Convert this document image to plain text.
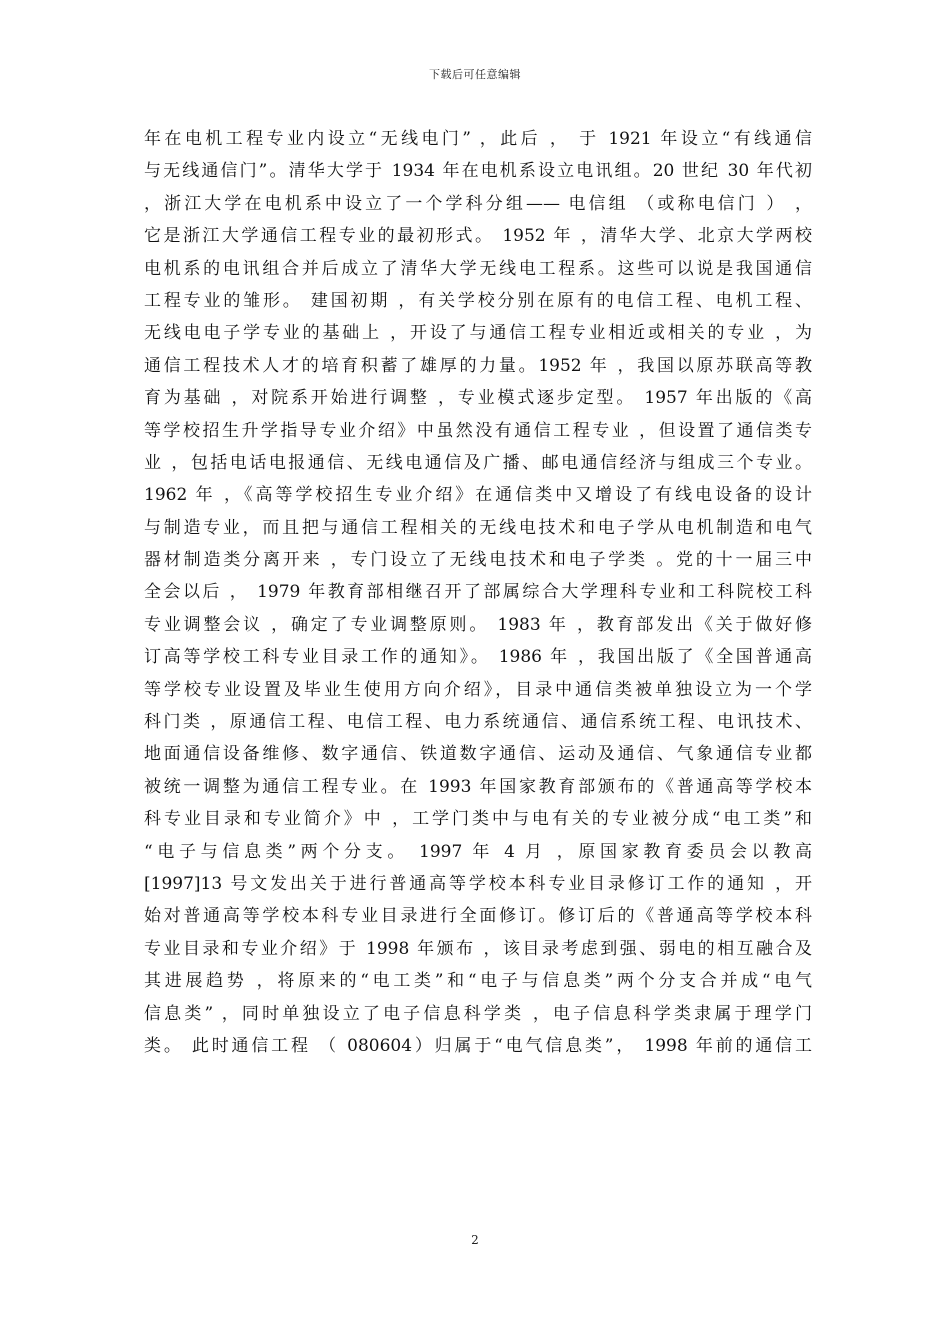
下载后可任意编辑
年在电机工程专业内设立“无线电门” ，此后 ， 于 1921 年设立“有线通信
与无线通信门”。清华大学于 1934 年在电机系设立电讯组。20 世纪 30 年代初
，浙江大学在电机系中设立了一个学科分组—— 电信组 （或称电信门 ） ，
它是浙江大学通信工程专业的最初形式。 1952 年 ，清华大学、北京大学两校
电机系的电讯组合并后成立了清华大学无线电工程系。这些可以说是我国通信
工程专业的雏形。 建国初期 ，有关学校分别在原有的电信工程、电机工程、
无线电电子学专业的基础上 ，开设了与通信工程专业相近或相关的专业 ，为
通信工程技术人才的培育积蓄了雄厚的力量。1952 年 ，我国以原苏联高等教
育为基础 ，对院系开始进行调整 ，专业模式逐步定型。 1957 年出版的《高
等学校招生升学指导专业介绍》中虽然没有通信工程专业 ，但设置了通信类专
业 ，包括电话电报通信、无线电通信及广播、邮电通信经济与组成三个专业。
1962 年 ，《高等学校招生专业介绍》在通信类中又增设了有线电设备的设计
与制造专业，而且把与通信工程相关的无线电技术和电子学从电机制造和电气
器材制造类分离开来 ，专门设立了无线电技术和电子学类 。党的十一届三中
全会以后 ， 1979 年教育部相继召开了部属综合大学理科专业和工科院校工科
专业调整会议 ，确定了专业调整原则。 1983 年 ，教育部发出《关于做好修
订高等学校工科专业目录工作的通知》。 1986 年 ，我国出版了《全国普通高
等学校专业设置及毕业生使用方向介绍》，目录中通信类被单独设立为一个学
科门类 ，原通信工程、电信工程、电力系统通信、通信系统工程、电讯技术、
地面通信设备维修、数字通信、铁道数字通信、运动及通信、气象通信专业都
被统一调整为通信工程专业。在 1993 年国家教育部颁布的《普通高等学校本
科专业目录和专业简介》中 ，工学门类中与电有关的专业被分成“电工类”和
“电子与信息类”两个分支。 1997 年 4 月 ，原国家教育委员会以教高
[1997]13 号文发出关于进行普通高等学校本科专业目录修订工作的通知 ，开
始对普通高等学校本科专业目录进行全面修订。修订后的《普通高等学校本科
专业目录和专业介绍》于 1998 年颁布 ，该目录考虑到强、弱电的相互融合及
其进展趋势 ，将原来的“电工类”和“电子与信息类”两个分支合并成“电气
信息类” ，同时单独设立了电子信息科学类 ，电子信息科学类隶属于理学门
类。 此时通信工程 （ 080604）归属于“电气信息类”， 1998 年前的通信工
2
